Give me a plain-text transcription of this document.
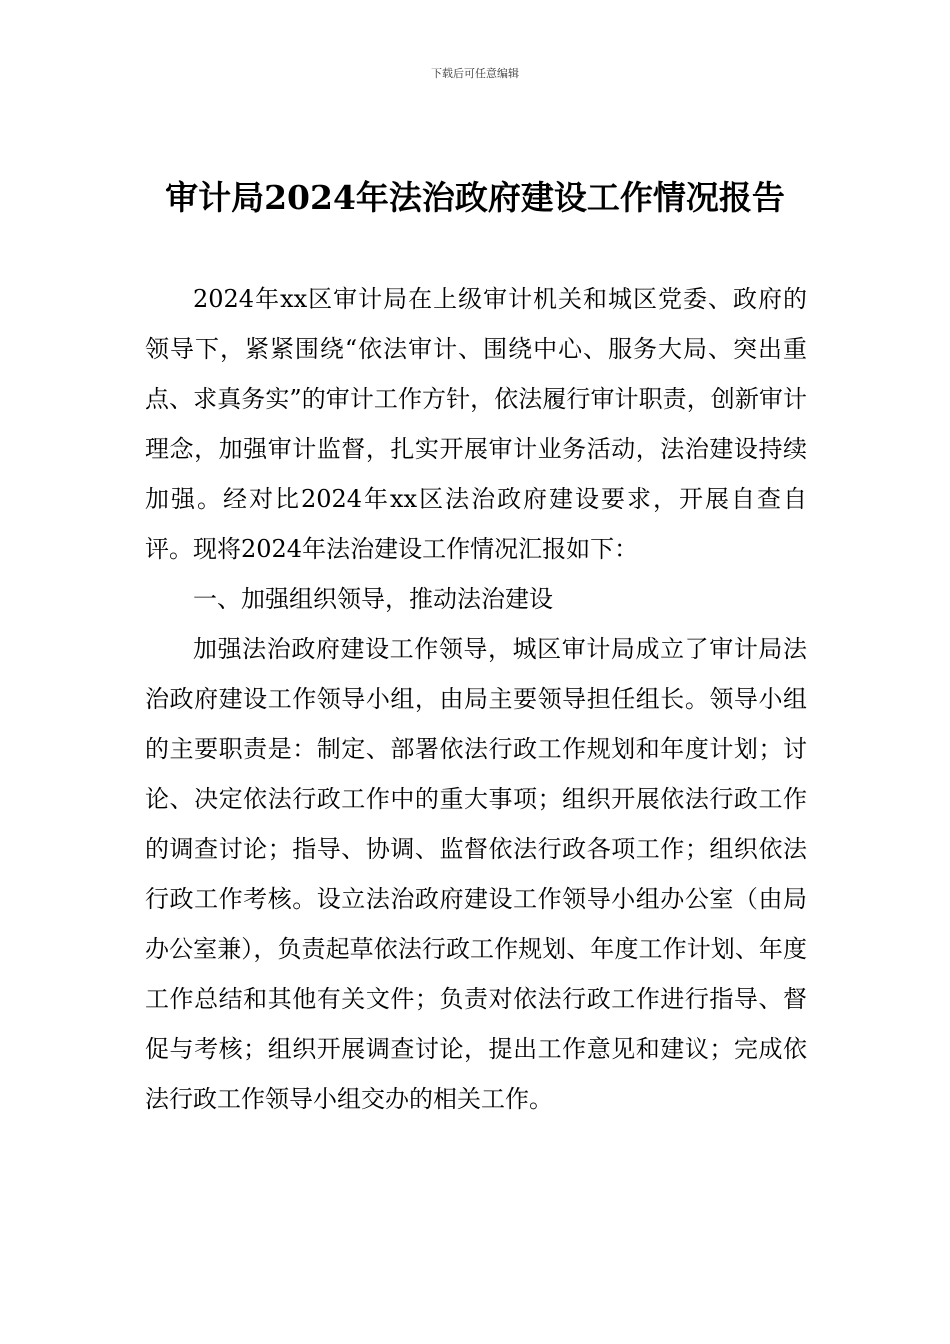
下载后可任意编辑
审计局2024年法治政府建设工作情况报告

2024年xx区审计局在上级审计机关和城区党委、政府的领导下，紧紧围绕“依法审计、围绕中心、服务大局、突出重点、求真务实”的审计工作方针，依法履行审计职责，创新审计理念，加强审计监督，扎实开展审计业务活动，法治建设持续加强。经对比2024年xx区法治政府建设要求，开展自查自评。现将2024年法治建设工作情况汇报如下：

一、加强组织领导，推动法治建设

加强法治政府建设工作领导，城区审计局成立了审计局法治政府建设工作领导小组，由局主要领导担任组长。领导小组的主要职责是：制定、部署依法行政工作规划和年度计划；讨论、决定依法行政工作中的重大事项；组织开展依法行政工作的调查讨论；指导、协调、监督依法行政各项工作；组织依法行政工作考核。设立法治政府建设工作领导小组办公室（由局办公室兼），负责起草依法行政工作规划、年度工作计划、年度工作总结和其他有关文件；负责对依法行政工作进行指导、督促与考核；组织开展调查讨论，提出工作意见和建议；完成依法行政工作领导小组交办的相关工作。
